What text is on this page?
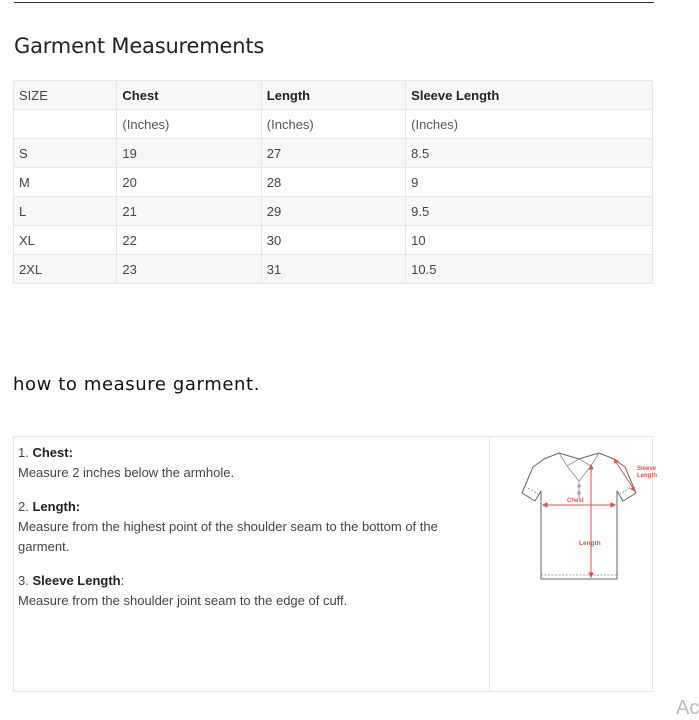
Garment Measurements
SIZE	Chest	Length	Sleeve Length
	(Inches)	(Inches)	(Inches)
S	19	27	8.5
M	20	28	9
L	21	29	9.5
XL	22	30	10
2XL	23	31	10.5
how to measure garment.
1. Chest:
Measure 2 inches below the armhole.
2. Length:
Measure from the highest point of the shoulder seam to the bottom of the garment.
3. Sleeve Length:
Measure from the shoulder joint seam to the edge of cuff.
Chest
Length
Sleeve
Length
Ac
